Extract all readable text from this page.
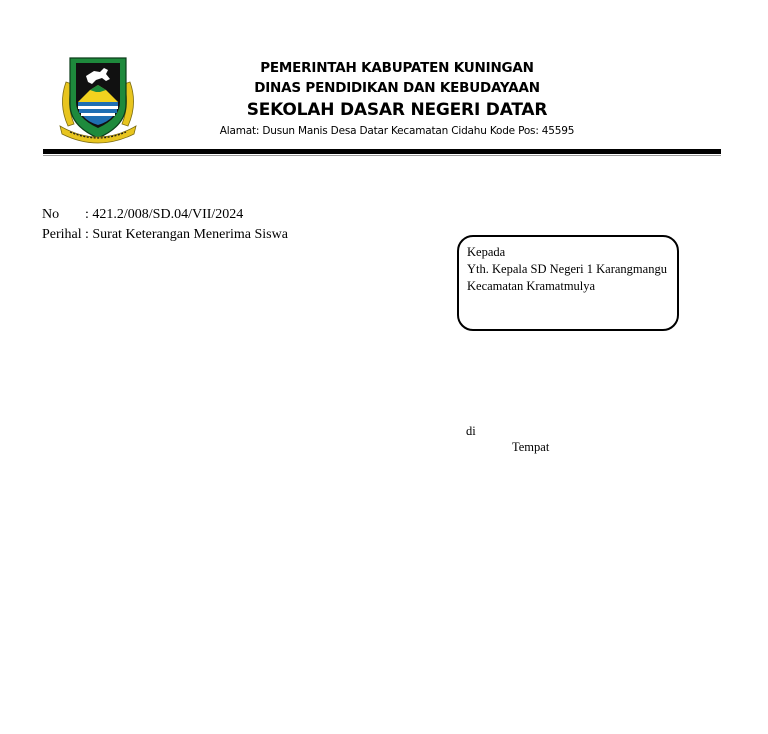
PEMERINTAH KABUPATEN KUNINGAN
DINAS PENDIDIKAN DAN KEBUDAYAAN
SEKOLAH DASAR NEGERI DATAR
Alamat: Dusun Manis Desa Datar Kecamatan Cidahu Kode Pos: 45595
No	: 421.2/008/SD.04/VII/2024
Perihal : Surat Keterangan Menerima Siswa
Kepada
Yth. Kepala SD Negeri 1 Karangmangu
Kecamatan Kramatmulya
di
Tempat
